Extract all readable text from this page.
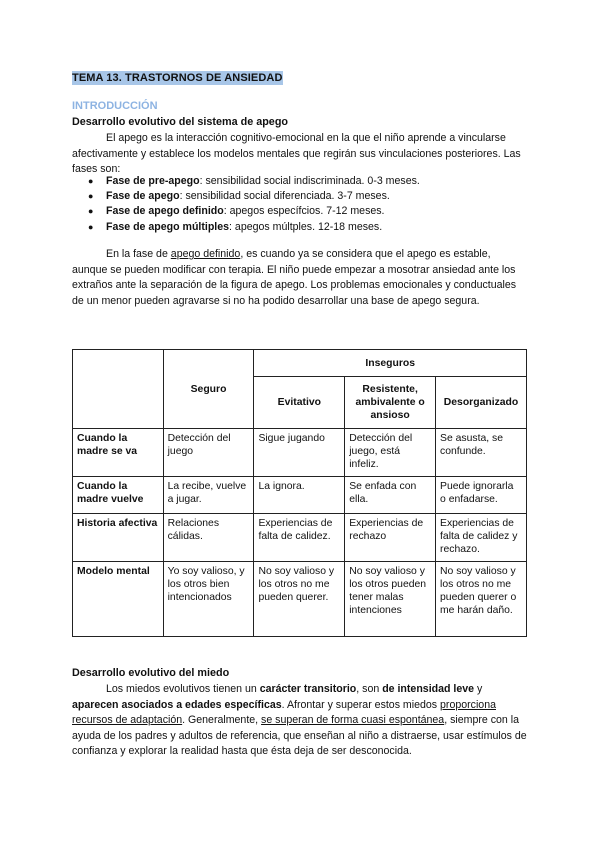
TEMA 13. TRASTORNOS DE ANSIEDAD
INTRODUCCIÓN
Desarrollo evolutivo del sistema de apego
El apego es la interacción cognitivo-emocional en la que el niño aprende a vincularse afectivamente y establece los modelos mentales que regirán sus vinculaciones posteriores. Las fases son:
● Fase de pre-apego: sensibilidad social indiscriminada. 0-3 meses.
● Fase de apego: sensibilidad social diferenciada. 3-7 meses.
● Fase de apego definido: apegos específcios. 7-12 meses.
● Fase de apego múltiples: apegos múltples. 12-18 meses.
En la fase de apego definido, es cuando ya se considera que el apego es estable, aunque se pueden modificar con terapia. El niño puede empezar a mosotrar ansiedad ante los extraños ante la separación de la figura de apego. Los problemas emocionales y conductuales de un menor pueden agravarse si no ha podido desarrollar una base de apego segura.
	Seguro	Inseguros		
		Evitativo	Resistente, ambivalente o ansioso	Desorganizado
Cuando la madre se va	Detección del juego	Sigue jugando	Detección del juego, está infeliz.	Se asusta, se confunde.
Cuando la madre vuelve	La recibe, vuelve a jugar.	La ignora.	Se enfada con ella.	Puede ignorarla o enfadarse.
Historia afectiva	Relaciones cálidas.	Experiencias de falta de calidez.	Experiencias de rechazo	Experiencias de falta de calidez y rechazo.
Modelo mental	Yo soy valioso, y los otros bien intencionados	No soy valioso y los otros no me pueden querer.	No soy valioso y los otros pueden tener malas intenciones	No soy valioso y los otros no me pueden querer o me harán daño.
Desarrollo evolutivo del miedo
Los miedos evolutivos tienen un carácter transitorio, son de intensidad leve y aparecen asociados a edades específicas. Afrontar y superar estos miedos proporciona recursos de adaptación. Generalmente, se superan de forma cuasi espontánea, siempre con la ayuda de los padres y adultos de referencia, que enseñan al niño a distraerse, usar estímulos de confianza y explorar la realidad hasta que ésta deja de ser desconocida.
